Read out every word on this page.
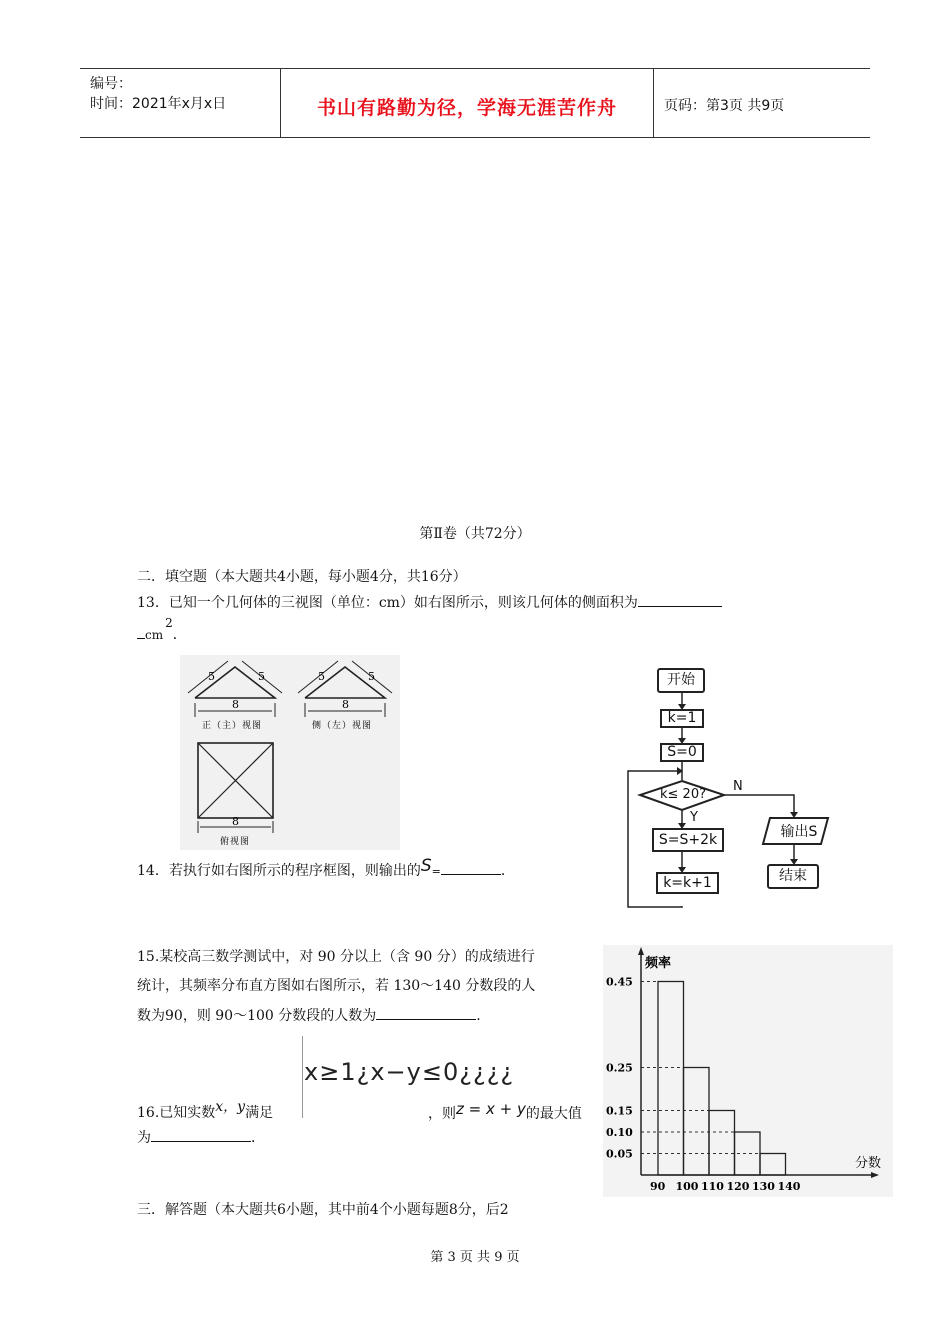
编号：
时间：2021年x月x日	书山有路勤为径，学海无涯苦作舟	页码：第3页 共9页
第Ⅱ卷（共72分）
二．填空题（本大题共4小题，每小题4分，共16分）
13．已知一个几何体的三视图（单位：cm）如右图所示，则该几何体的侧面积为
cm2．
5	5
8
正（主）视图
5	5
8
侧（左）视图
8
俯视图
开始
k=1
S=0
k≤ 20?
N
Y
S=S+2k
k=k+1
输出S
结束
14．若执行如右图所示的程序框图，则输出的S=	．
15.某校高三数学测试中，对 90 分以上（含 90 分）的成绩进行
统计，其频率分布直方图如右图所示，若 130～140 分数段的人
数为90，则 90～100 分数段的人数为	.
x≥1¿x−y≤0¿¿¿¿
16.已知实数x，y满足	，则z = x + y的最大值
为	．
频率
分数
0.05
0.10
0.15
0.25
0.45
90 100 110 120 130 140
三．解答题（本大题共6小题，其中前4个小题每题8分，后2
第 3 页 共 9 页
